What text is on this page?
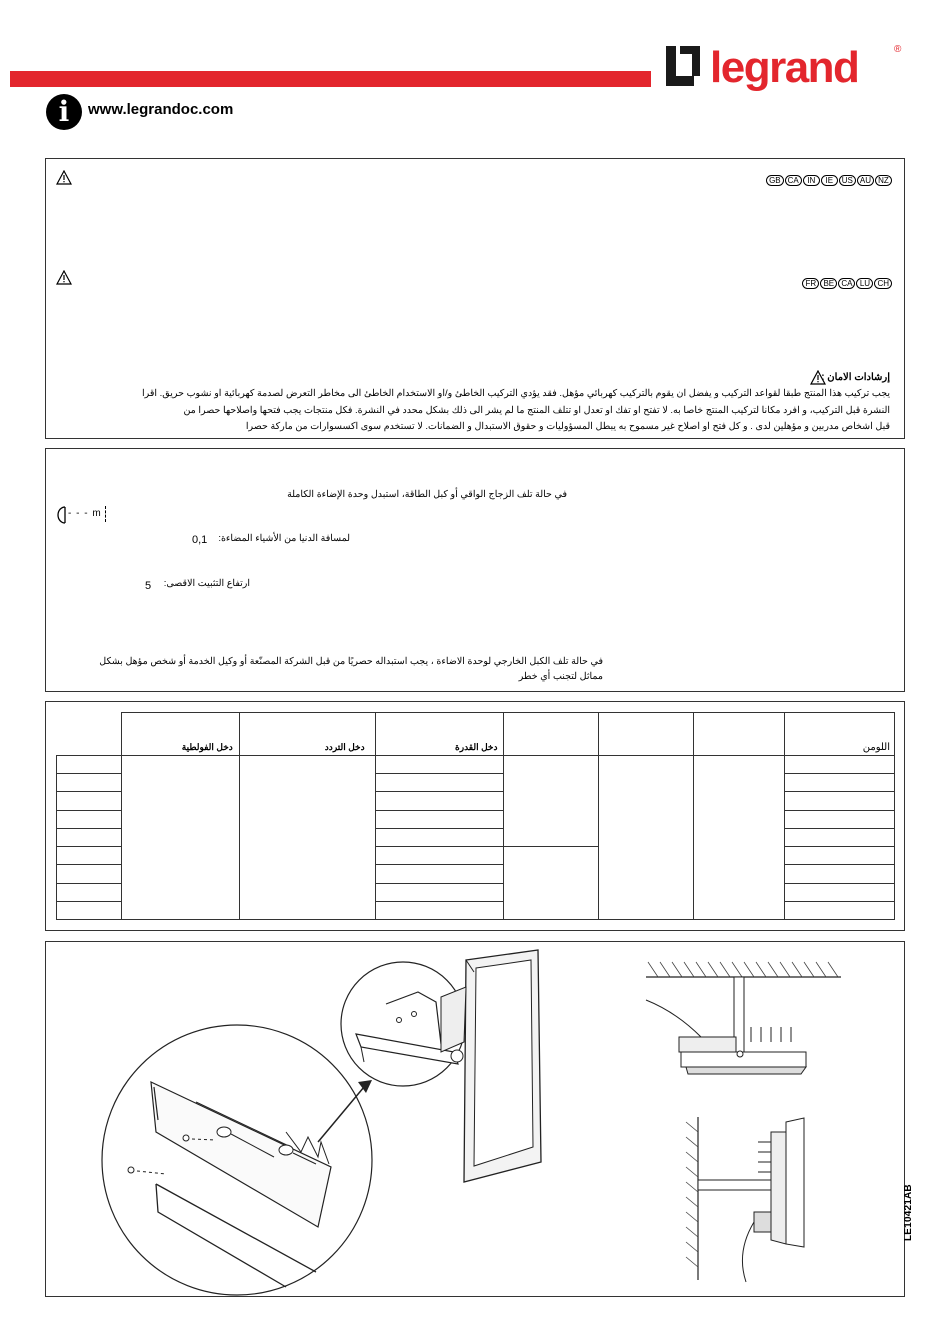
legrand	®
i	www.legrandoc.com
GB CA	IN	IE	US AU NZ
FR BE CA LU CH
إرشادات الامان :
يجب تركيب هذا المنتج طبقا لقواعد التركيب و يفضل ان يقوم بالتركيب كهربائي مؤهل. فقد يؤدي التركيب الخاطئ و/او الاستخدام الخاطئ الى مخاطر التعرض لصدمة كهربائية او نشوب حريق. اقرا
النشرة قبل التركيب، و افرد مكانا لتركيب المنتج خاصا به. لا تفتح او تفك او تعدل او تتلف المنتج ما لم يشر الى ذلك بشكل محدد في النشرة. فكل منتجات يجب فتحها واصلاحها حصرا من
قبل اشخاص مدربين و مؤهلين لدى . و كل فتح او اصلاح غير مسموح به يبطل المسؤوليات و حقوق الاستبدال و الضمانات. لا تستخدم سوى اكسسوارات من ماركة حصرا
في حالة تلف الزجاج الواقي أو كبل الطاقة، استبدل وحدة الإضاءة الكاملة
- - - m
لمسافة الدنيا من الأشياء المضاءة:
0,1
ارتفاع التثبيت الاقصى:
5
في حالة تلف الكبل الخارجي لوحدة الاضاءة ، يجب استبداله حصريًا من قبل الشركة المصنّعة أو وكيل الخدمة أو شخص مؤهل بشكل
مماثل لتجنب أي خطر
	دخل الفولطية	دخل التردد	دخل القدرة				اللومن

LE10421AB
